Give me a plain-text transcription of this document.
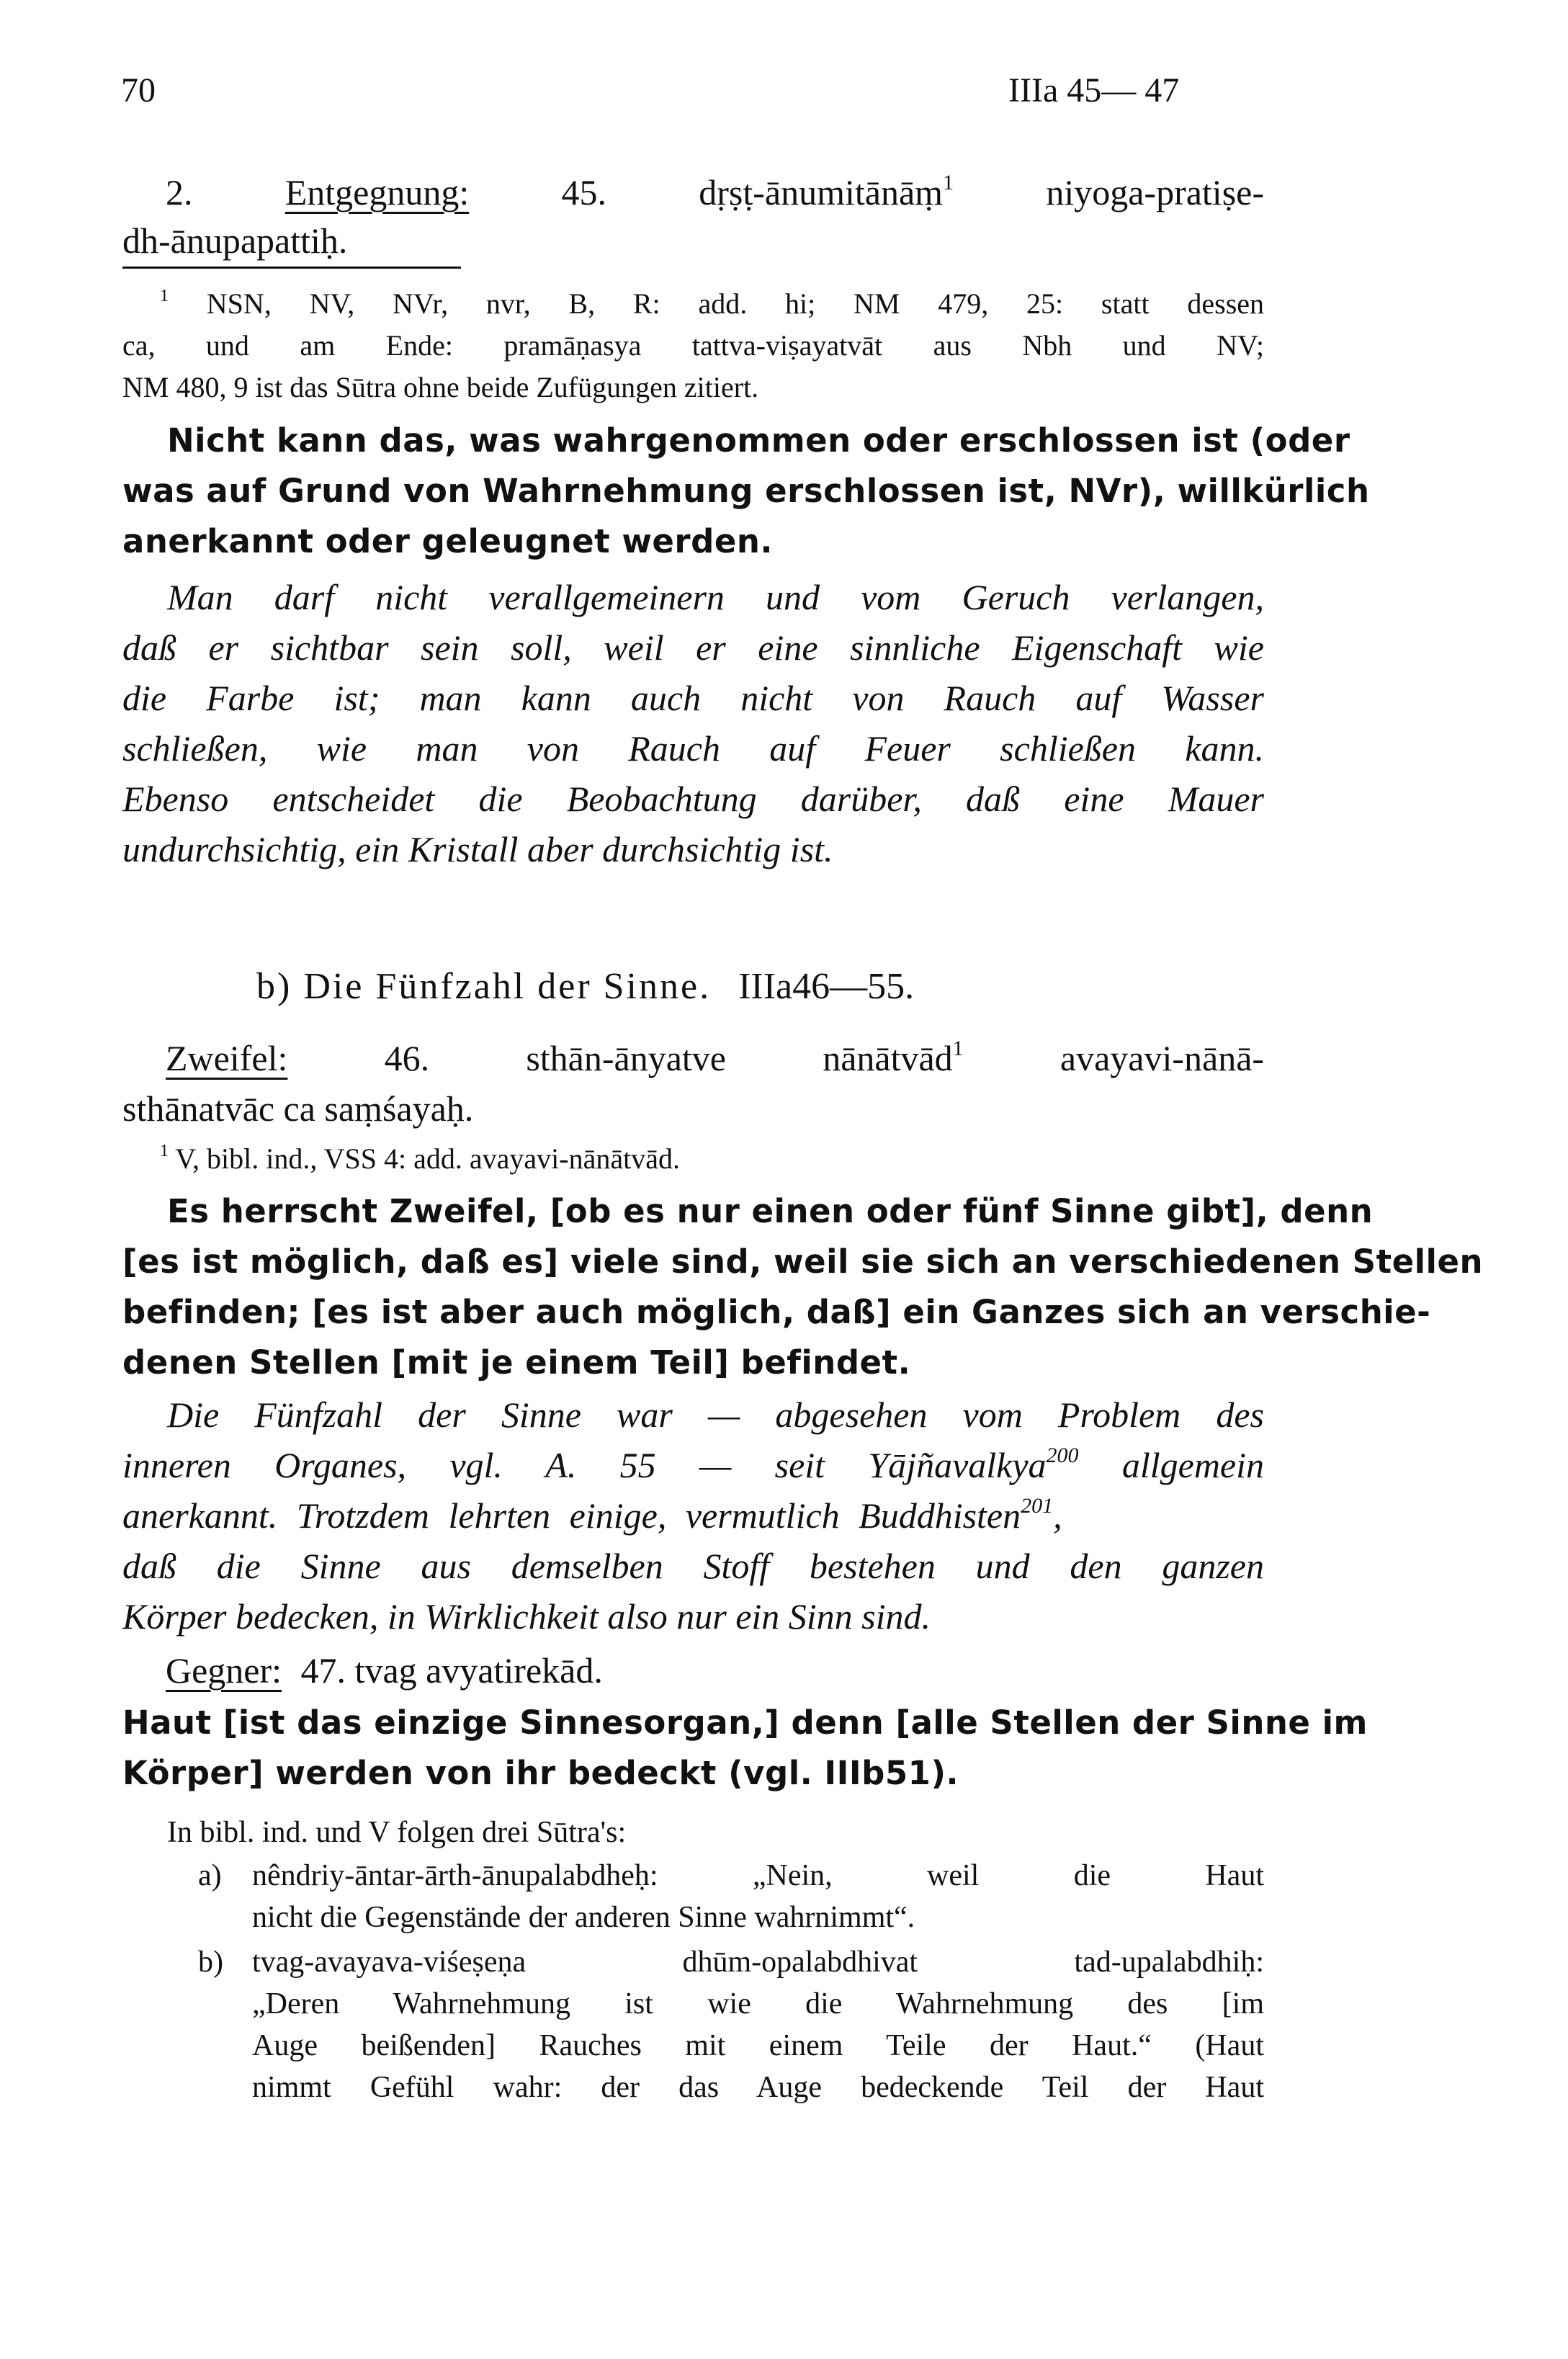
70	IIIa 45— 47
2.	Entgegnung:	45.	dṛṣṭ-ānumitānāṃ$^1$	niyoga-pratiṣe-
dh-ānupapattiḥ.
$^1$ NSN, NV, NVr, nvr, B, R: add. hi; NM 479, 25: statt dessen
ca, und am Ende: pramāṇasya tattva-viṣayatvāt aus Nbh und NV;
NM 480, 9 ist das Sūtra ohne beide Zufügungen zitiert.
Nicht kann das, was wahrgenommen oder erschlossen ist (oder
was auf Grund von Wahrnehmung erschlossen ist, NVr), willkürlich
anerkannt oder geleugnet werden.
Man darf nicht verallgemeinern und vom Geruch verlangen,
daß er sichtbar sein soll, weil er eine sinnliche Eigenschaft wie
die Farbe ist; man kann auch nicht von Rauch auf Wasser
schließen, wie man von Rauch auf Feuer schließen kann.
Ebenso entscheidet die Beobachtung darüber, daß eine Mauer
undurchsichtig, ein Kristall aber durchsichtig ist.
b) Die Fünfzahl der Sinne. IIIa46—55.
Zweifel:	46.	sthān-ānyatve	nānātvād$^1$	avayavi-nānā-
sthānatvāc ca saṃśayaḥ.
$^1$ V, bibl. ind., VSS 4: add. avayavi-nānātvād.
Es herrscht Zweifel, [ob es nur einen oder fünf Sinne gibt], denn
[es ist möglich, daß es] viele sind, weil sie sich an verschiedenen Stellen
befinden; [es ist aber auch möglich, daß] ein Ganzes sich an verschie-
denen Stellen [mit je einem Teil] befindet.
Die Fünfzahl der Sinne war — abgesehen vom Problem des
inneren Organes, vgl. A. 55 — seit Yājñavalkya$^{200}$ allgemein
anerkannt. Trotzdem lehrten einige, vermutlich Buddhisten$^{201}$,
daß die Sinne aus demselben Stoff bestehen und den ganzen
Körper bedecken, in Wirklichkeit also nur ein Sinn sind.
Gegner: 47. tvag avyatirekād.
Haut [ist das einzige Sinnesorgan,] denn [alle Stellen der Sinne im
Körper] werden von ihr bedeckt (vgl. IIIb51).
In bibl. ind. und V folgen drei Sūtra's:
a) nêndriy-āntar-ārth-ānupalabdheḥ: „Nein, weil die Haut
nicht die Gegenstände der anderen Sinne wahrnimmt“.
b) tvag-avayava-viśeṣeṇa dhūm-opalabdhivat tad-upalabdhiḥ:
„Deren Wahrnehmung ist wie die Wahrnehmung des [im
Auge beißenden] Rauches mit einem Teile der Haut.“ (Haut
nimmt Gefühl wahr: der das Auge bedeckende Teil der Haut
